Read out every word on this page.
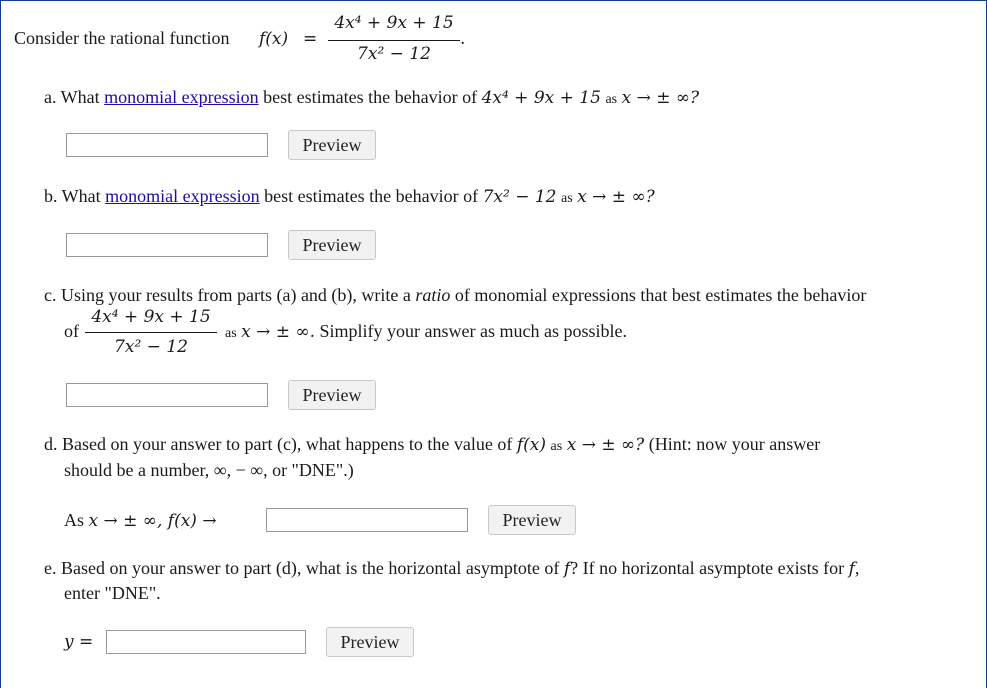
Consider the rational function f(x) =
4x⁴ + 9x + 15
7x² − 12
.
a. What monomial expression best estimates the behavior of 4x⁴ + 9x + 15 as x → ± ∞?
Preview
b. What monomial expression best estimates the behavior of 7x² − 12 as x → ± ∞?
Preview
c. Using your results from parts (a) and (b), write a ratio of monomial expressions that best estimates the behavior
of
4x⁴ + 9x + 15
7x² − 12
as x → ± ∞. Simplify your answer as much as possible.
Preview
d. Based on your answer to part (c), what happens to the value of f(x) as x → ± ∞? (Hint: now your answer
should be a number, ∞, − ∞, or "DNE".)
As x → ± ∞, f(x) →	Preview
e. Based on your answer to part (d), what is the horizontal asymptote of f? If no horizontal asymptote exists for f,
enter "DNE".
y =	Preview
